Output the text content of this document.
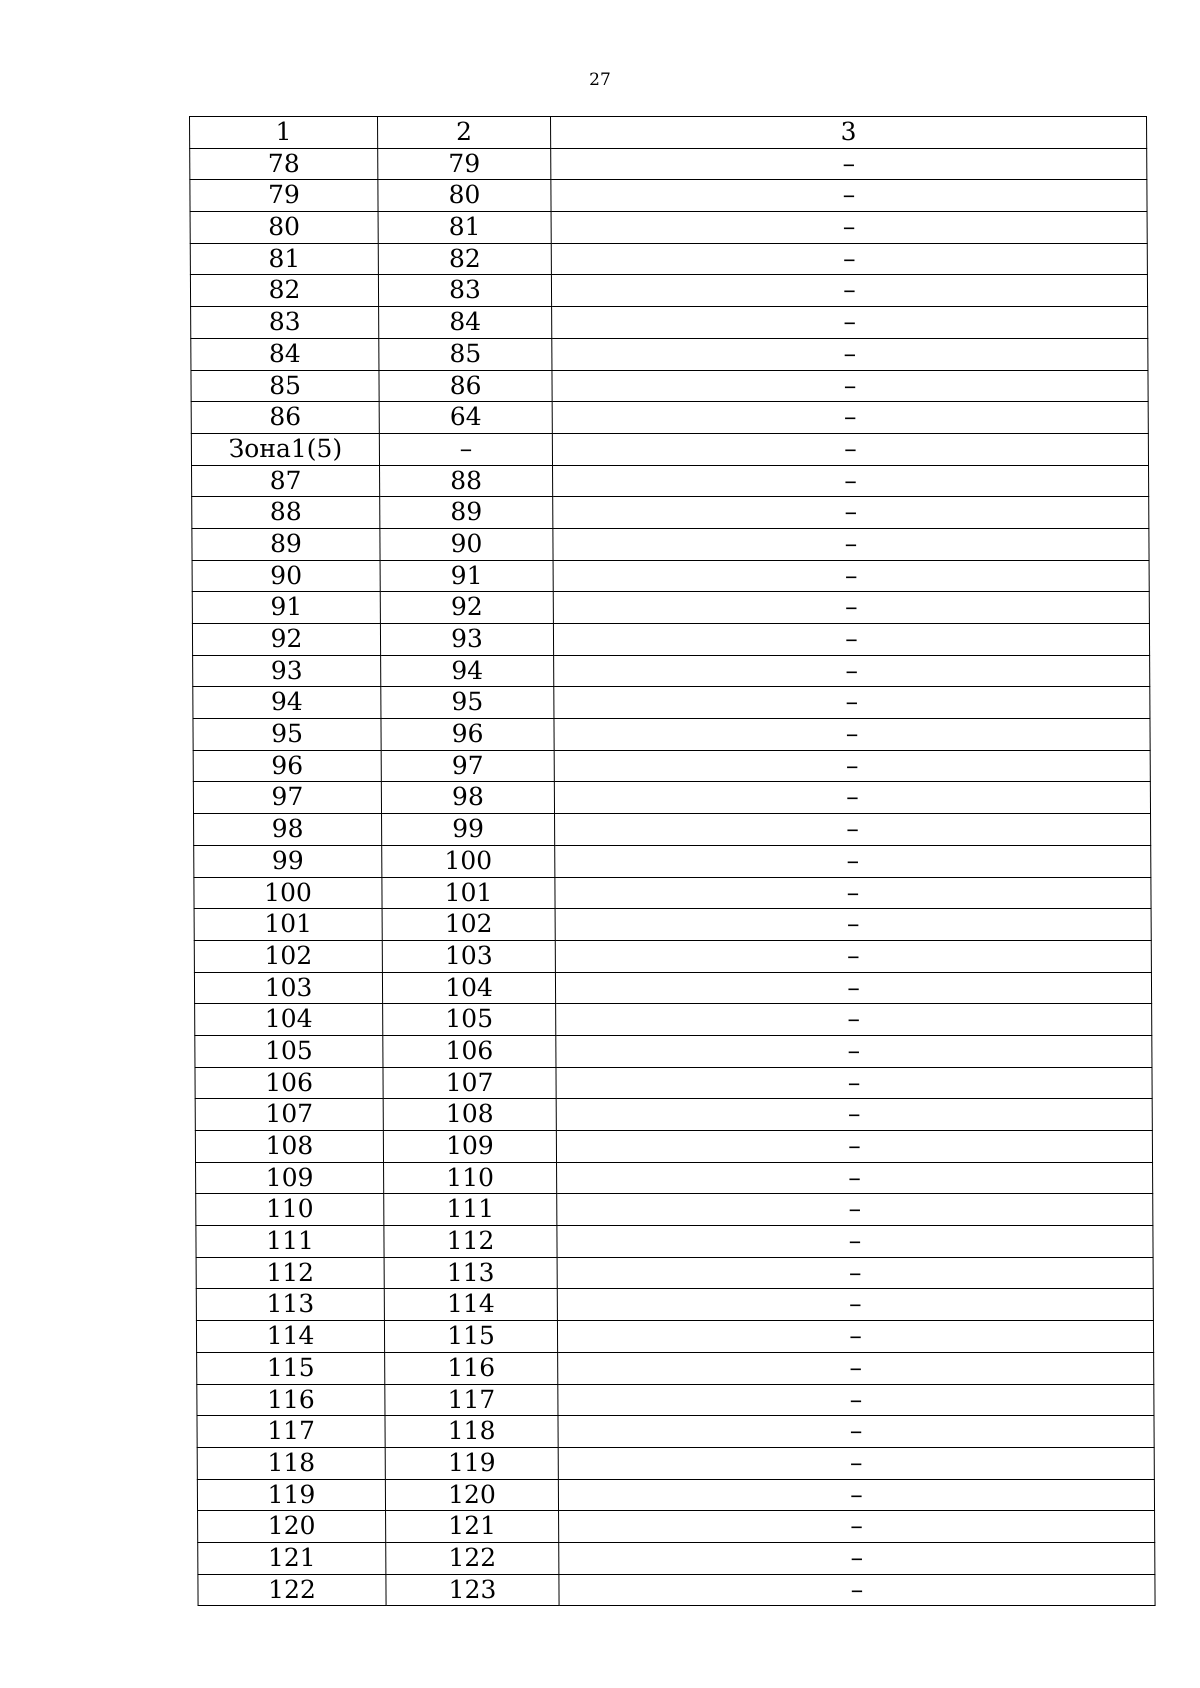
27
1	2	3
78	79	–
79	80	–
80	81	–
81	82	–
82	83	–
83	84	–
84	85	–
85	86	–
86	64	–
Зона1(5)	–	–
87	88	–
88	89	–
89	90	–
90	91	–
91	92	–
92	93	–
93	94	–
94	95	–
95	96	–
96	97	–
97	98	–
98	99	–
99	100	–
100	101	–
101	102	–
102	103	–
103	104	–
104	105	–
105	106	–
106	107	–
107	108	–
108	109	–
109	110	–
110	111	–
111	112	–
112	113	–
113	114	–
114	115	–
115	116	–
116	117	–
117	118	–
118	119	–
119	120	–
120	121	–
121	122	–
122	123	–
